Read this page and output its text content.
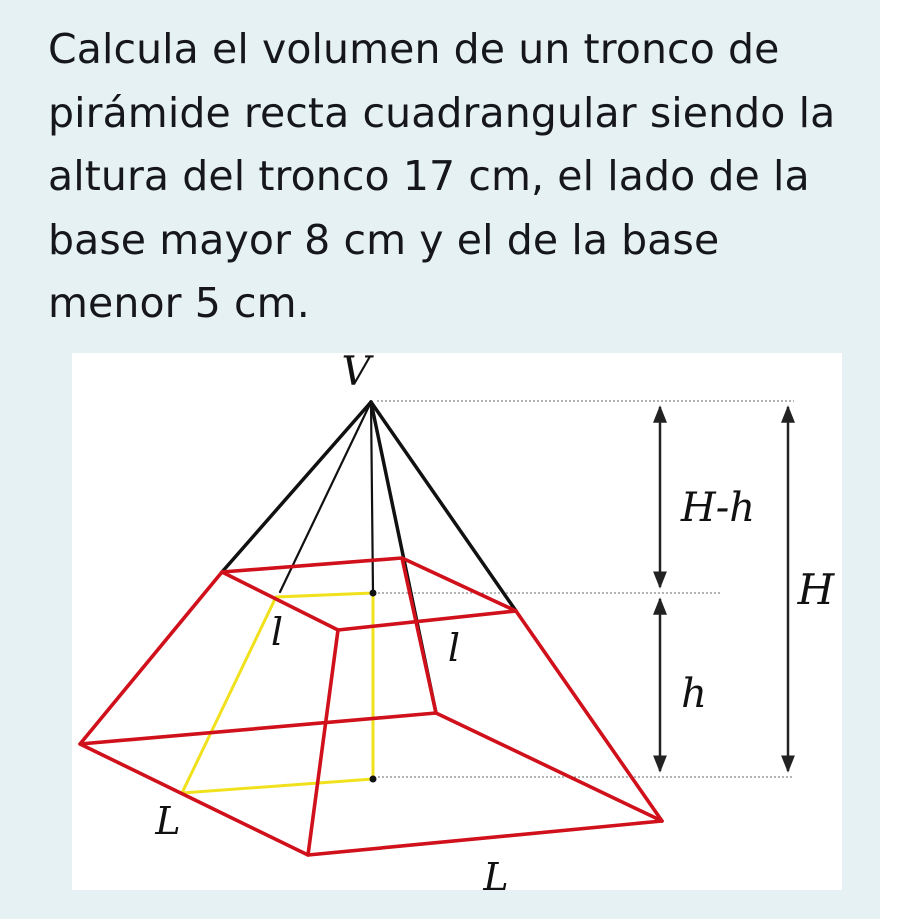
Calcula el volumen de un tronco de pirámide recta cuadrangular siendo la altura del tronco 17 cm, el lado de la base mayor 8 cm y el de la base menor 5 cm.

V
l	l
L
L
H-h
h
H
